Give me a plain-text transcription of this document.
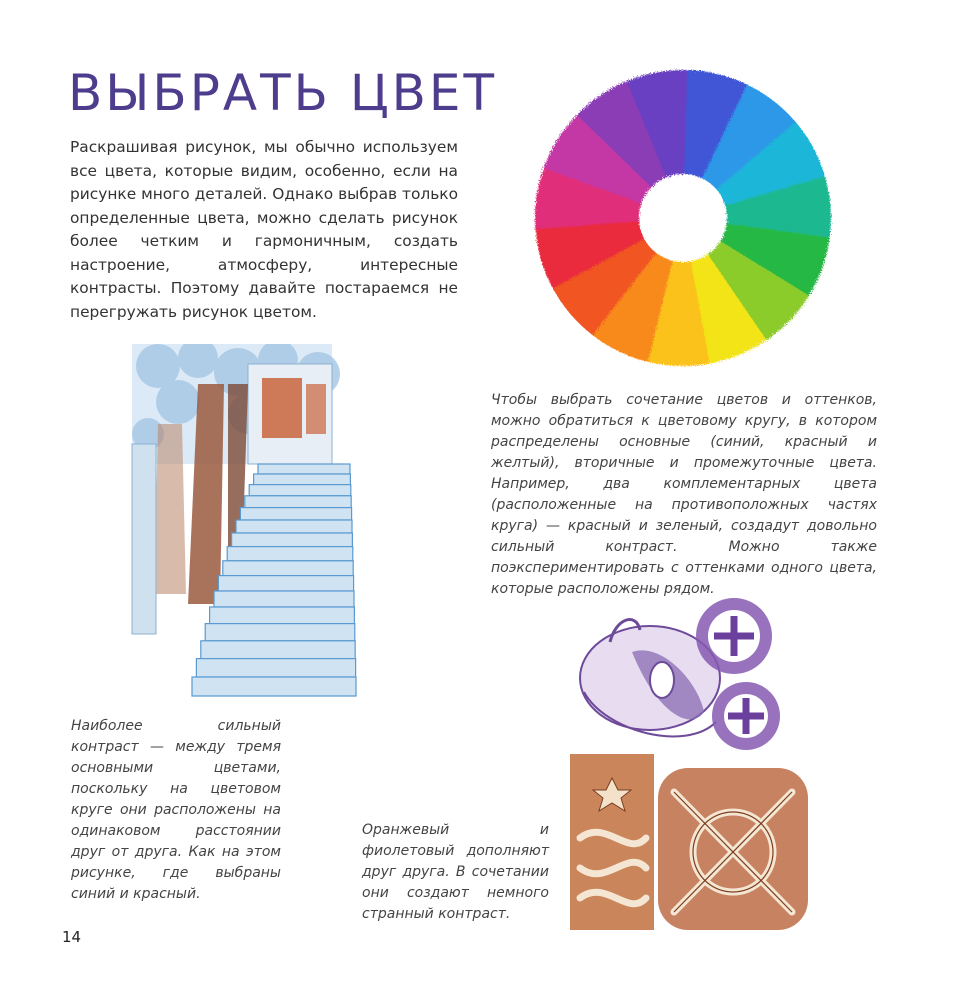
ВЫБРАТЬ ЦВЕТ
Раскрашивая рисунок, мы обычно используем все цвета, которые видим, особенно, если на рисунке много деталей. Однако выбрав только определенные цвета, можно сделать рисунок более четким и гармоничным, создать настроение, атмосферу, интересные контрасты. Поэтому давайте постараемся не перегружать рисунок цветом.
Чтобы выбрать сочетание цветов и оттенков, можно обратиться к цветовому кругу, в котором распределены основные (синий, красный и желтый), вторичные и промежуточные цвета. Например, два комплементарных цвета (расположенные на противоположных частях круга) — красный и зеленый, создадут довольно сильный контраст. Можно также поэкспериментировать с оттенками одного цвета, которые расположены рядом.
Наиболее сильный контраст — между тремя основными цветами, поскольку на цветовом круге они расположены на одинаковом расстоянии друг от друга. Как на этом рисунке, где выбраны синий и красный.
Оранжевый и фиолетовый дополняют друг друга. В сочетании они создают немного странный контраст.
14
